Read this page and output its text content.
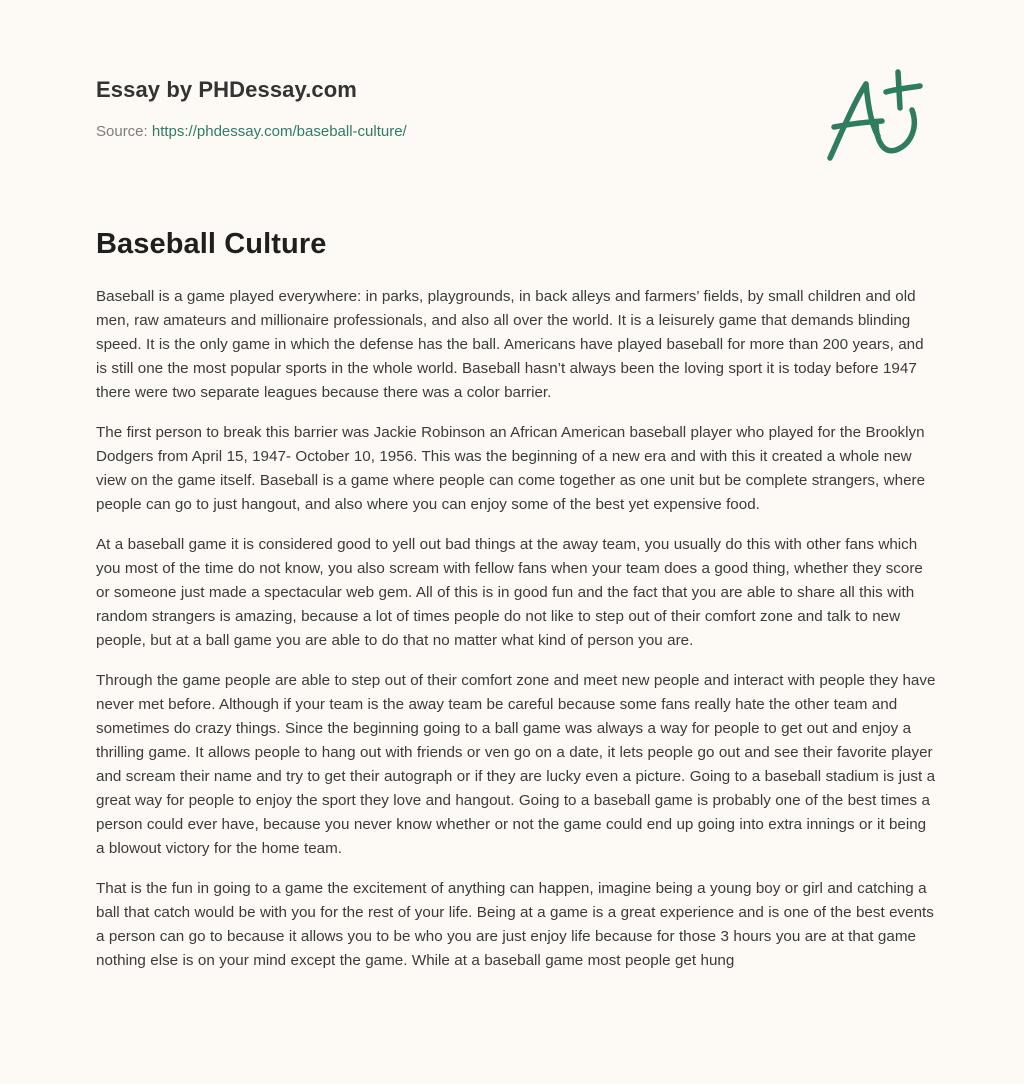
Essay by PHDessay.com
Source: https://phdessay.com/baseball-culture/
Baseball Culture

Baseball is a game played everywhere: in parks, playgrounds, in back alleys and farmers’ fields, by small children and old men, raw amateurs and millionaire professionals, and also all over the world. It is a leisurely game that demands blinding speed. It is the only game in which the defense has the ball. Americans have played baseball for more than 200 years, and is still one the most popular sports in the whole world. Baseball hasn’t always been the loving sport it is today before 1947 there were two separate leagues because there was a color barrier.

The first person to break this barrier was Jackie Robinson an African American baseball player who played for the Brooklyn Dodgers from April 15, 1947- October 10, 1956. This was the beginning of a new era and with this it created a whole new view on the game itself. Baseball is a game where people can come together as one unit but be complete strangers, where people can go to just hangout, and also where you can enjoy some of the best yet expensive food.

At a baseball game it is considered good to yell out bad things at the away team, you usually do this with other fans which you most of the time do not know, you also scream with fellow fans when your team does a good thing, whether they score or someone just made a spectacular web gem. All of this is in good fun and the fact that you are able to share all this with random strangers is amazing, because a lot of times people do not like to step out of their comfort zone and talk to new people, but at a ball game you are able to do that no matter what kind of person you are.

Through the game people are able to step out of their comfort zone and meet new people and interact with people they have never met before. Although if your team is the away team be careful because some fans really hate the other team and sometimes do crazy things. Since the beginning going to a ball game was always a way for people to get out and enjoy a thrilling game. It allows people to hang out with friends or ven go on a date, it lets people go out and see their favorite player and scream their name and try to get their autograph or if they are lucky even a picture. Going to a baseball stadium is just a great way for people to enjoy the sport they love and hangout. Going to a baseball game is probably one of the best times a person could ever have, because you never know whether or not the game could end up going into extra innings or it being a blowout victory for the home team.

That is the fun in going to a game the excitement of anything can happen, imagine being a young boy or girl and catching a ball that catch would be with you for the rest of your life. Being at a game is a great experience and is one of the best events a person can go to because it allows you to be who you are just enjoy life because for those 3 hours you are at that game nothing else is on your mind except the game. While at a baseball game most people get hung
